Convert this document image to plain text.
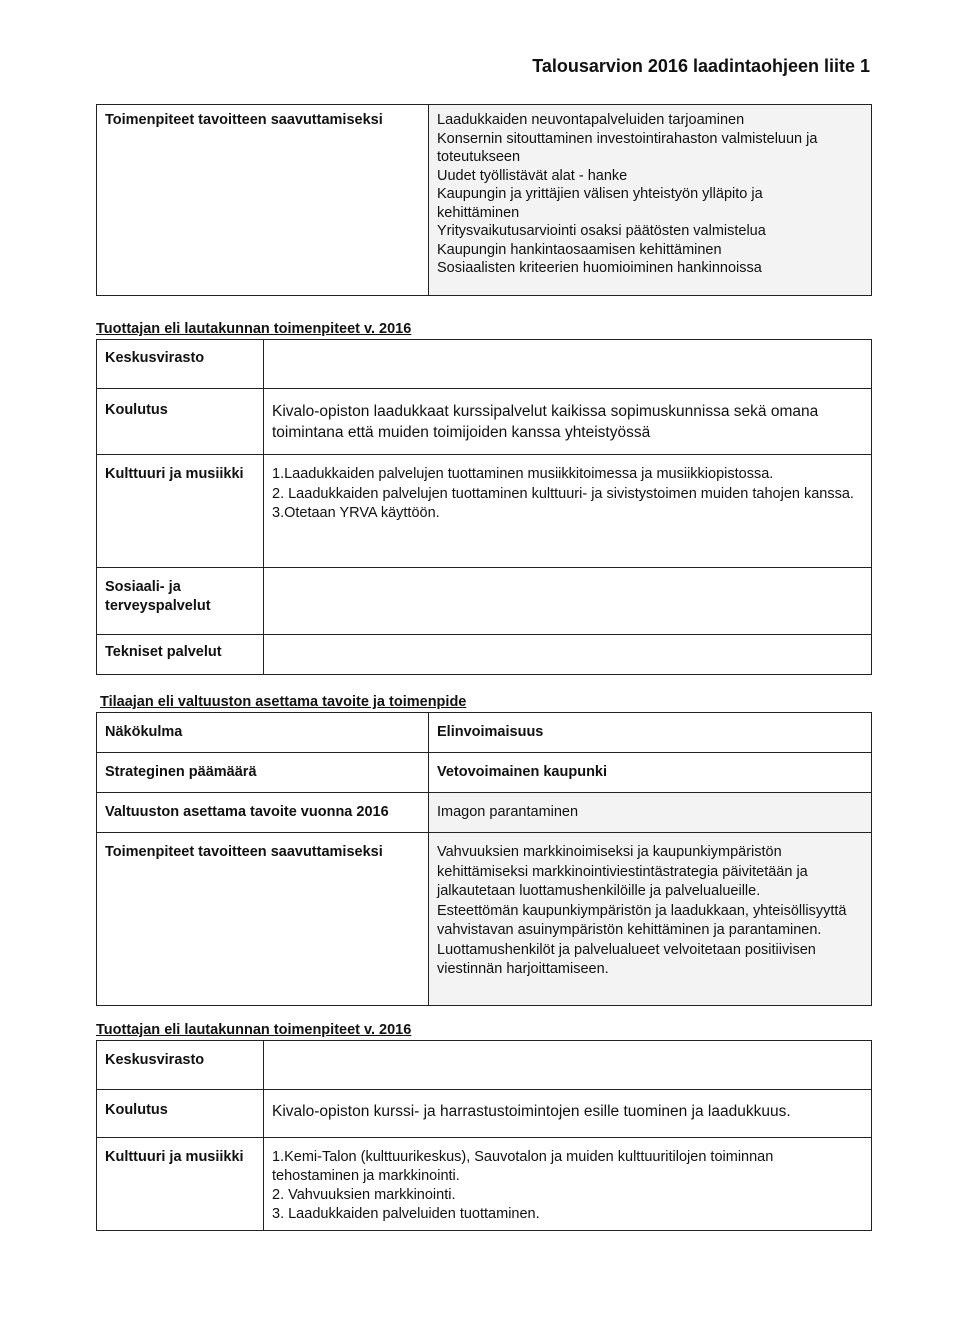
Talousarvion 2016 laadintaohjeen liite 1
Toimenpiteet tavoitteen saavuttamiseksi	Laadukkaiden neuvontapalveluiden tarjoaminen
Konsernin sitouttaminen investointirahaston valmisteluun ja
toteutukseen
Uudet työllistävät alat - hanke
Kaupungin ja yrittäjien välisen yhteistyön ylläpito ja
kehittäminen
Yritysvaikutusarviointi osaksi päätösten valmistelua
Kaupungin hankintaosaamisen kehittäminen
Sosiaalisten kriteerien huomioiminen hankinnoissa
Tuottajan eli lautakunnan toimenpiteet v. 2016
Keskusvirasto	
Koulutus	Kivalo-opiston laadukkaat kurssipalvelut kaikissa sopimuskunnissa sekä omana toimintana että muiden toimijoiden kanssa yhteistyössä
Kulttuuri ja musiikki	1.Laadukkaiden palvelujen tuottaminen musiikkitoimessa ja musiikkiopistossa.
2. Laadukkaiden palvelujen tuottaminen kulttuuri- ja sivistystoimen muiden tahojen kanssa.
3.Otetaan YRVA käyttöön.

Sosiaali- ja terveyspalvelut	
Tekniset palvelut	
Tilaajan eli valtuuston asettama tavoite ja toimenpide
Näkökulma	Elinvoimaisuus
Strateginen päämäärä	Vetovoimainen kaupunki
Valtuuston asettama tavoite vuonna 2016	Imagon parantaminen
Toimenpiteet tavoitteen saavuttamiseksi	Vahvuuksien markkinoimiseksi ja kaupunkiympäristön kehittämiseksi markkinointiviestintästrategia päivitetään ja jalkautetaan luottamushenkilöille ja palvelualueille.
Esteettömän kaupunkiympäristön ja laadukkaan, yhteisöllisyyttä vahvistavan asuinympäristön kehittäminen ja parantaminen.
Luottamushenkilöt ja palvelualueet velvoitetaan positiivisen viestinnän harjoittamiseen.
Tuottajan eli lautakunnan toimenpiteet v. 2016
Keskusvirasto	
Koulutus	Kivalo-opiston kurssi- ja harrastustoimintojen esille tuominen ja laadukkuus.
Kulttuuri ja musiikki	1.Kemi-Talon (kulttuurikeskus), Sauvotalon ja muiden kulttuuritilojen toiminnan tehostaminen ja markkinointi.
2. Vahvuuksien markkinointi.
3. Laadukkaiden palveluiden tuottaminen.
